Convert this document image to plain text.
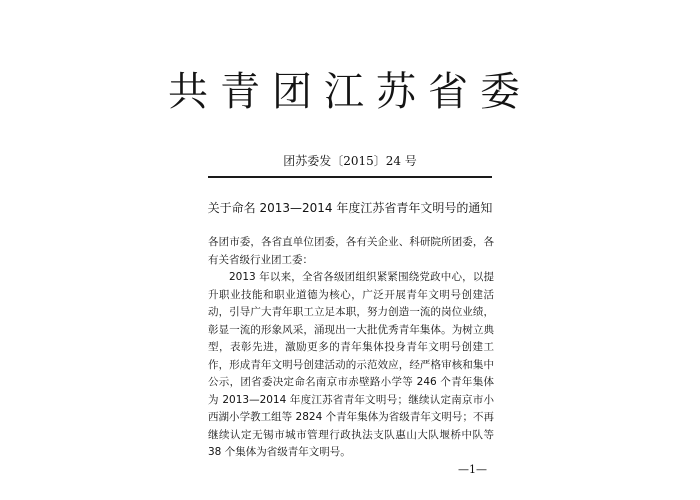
共青团江苏省委
团苏委发〔2015〕24 号
关于命名 2013—2014 年度江苏省青年文明号的通知

各团市委，各省直单位团委，各有关企业、科研院所团委，各有关省级行业团工委：

2013 年以来，全省各级团组织紧紧围绕党政中心，以提升职业技能和职业道德为核心，广泛开展青年文明号创建活动，引导广大青年职工立足本职，努力创造一流的岗位业绩，彰显一流的形象风采，涌现出一大批优秀青年集体。为树立典型，表彰先进，激励更多的青年集体投身青年文明号创建工作，形成青年文明号创建活动的示范效应，经严格审核和集中公示，团省委决定命名南京市赤壁路小学等 246 个青年集体为 2013—2014 年度江苏省青年文明号；继续认定南京市小西湖小学教工组等 2824 个青年集体为省级青年文明号；不再继续认定无锡市城市管理行政执法支队惠山大队堰桥中队等 38 个集体为省级青年文明号。

—1—
